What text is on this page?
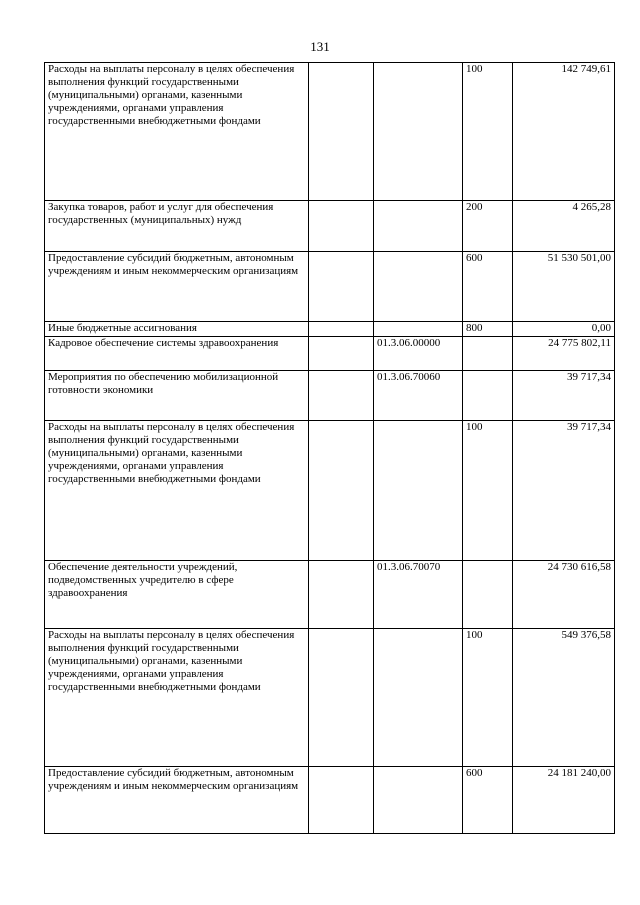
131
Расходы на выплаты персоналу в целях обеспечения выполнения функций государственными (муниципальными) органами, казенными учреждениями, органами управления государственными внебюджетными фондами			100	142 749,61
Закупка товаров, работ и услуг для обеспечения государственных (муниципальных) нужд			200	4 265,28
Предоставление субсидий бюджетным, автономным учреждениям и иным некоммерческим организациям			600	51 530 501,00
Иные бюджетные ассигнования			800	0,00
Кадровое обеспечение системы здравоохранения		01.3.06.00000		24 775 802,11
Мероприятия по обеспечению мобилизационной готовности экономики		01.3.06.70060		39 717,34
Расходы на выплаты персоналу в целях обеспечения выполнения функций государственными (муниципальными) органами, казенными учреждениями, органами управления государственными внебюджетными фондами			100	39 717,34
Обеспечение деятельности учреждений, подведомственных учредителю в сфере здравоохранения		01.3.06.70070		24 730 616,58
Расходы на выплаты персоналу в целях обеспечения выполнения функций государственными (муниципальными) органами, казенными учреждениями, органами управления государственными внебюджетными фондами			100	549 376,58
Предоставление субсидий бюджетным, автономным учреждениям и иным некоммерческим организациям			600	24 181 240,00
